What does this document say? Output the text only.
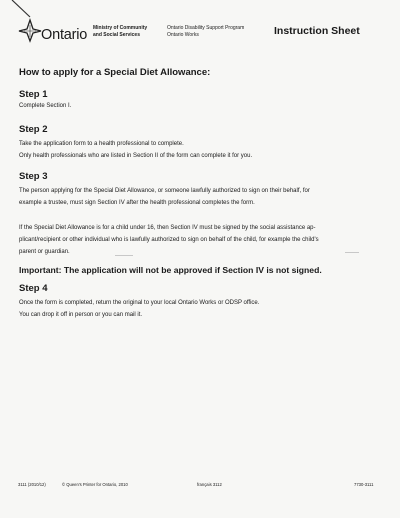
Ontario Ministry of Community
and Social Services
Ontario Disability Support Program
Ontario Works	Instruction Sheet
How to apply for a Special Diet Allowance:
Step 1
Complete Section I.
Step 2
Take the application form to a health professional to complete.
Only health professionals who are listed in Section II of the form can complete it for you.
Step 3
The person applying for the Special Diet Allowance, or someone lawfully authorized to sign on their behalf, for
example a trustee, must sign Section IV after the health professional completes the form.
If the Special Diet Allowance is for a child under 16, then Section IV must be signed by the social assistance ap-
plicant/recipient or other individual who is lawfully authorized to sign on behalf of the child, for example the child's
parent or guardian.
Important: The application will not be approved if Section IV is not signed.
Step 4
Once the form is completed, return the original to your local Ontario Works or ODSP office.
You can drop it off in person or you can mail it.
3111 (2010/12)	© Queen's Printer for Ontario, 2010	français 3112	7730-3111
